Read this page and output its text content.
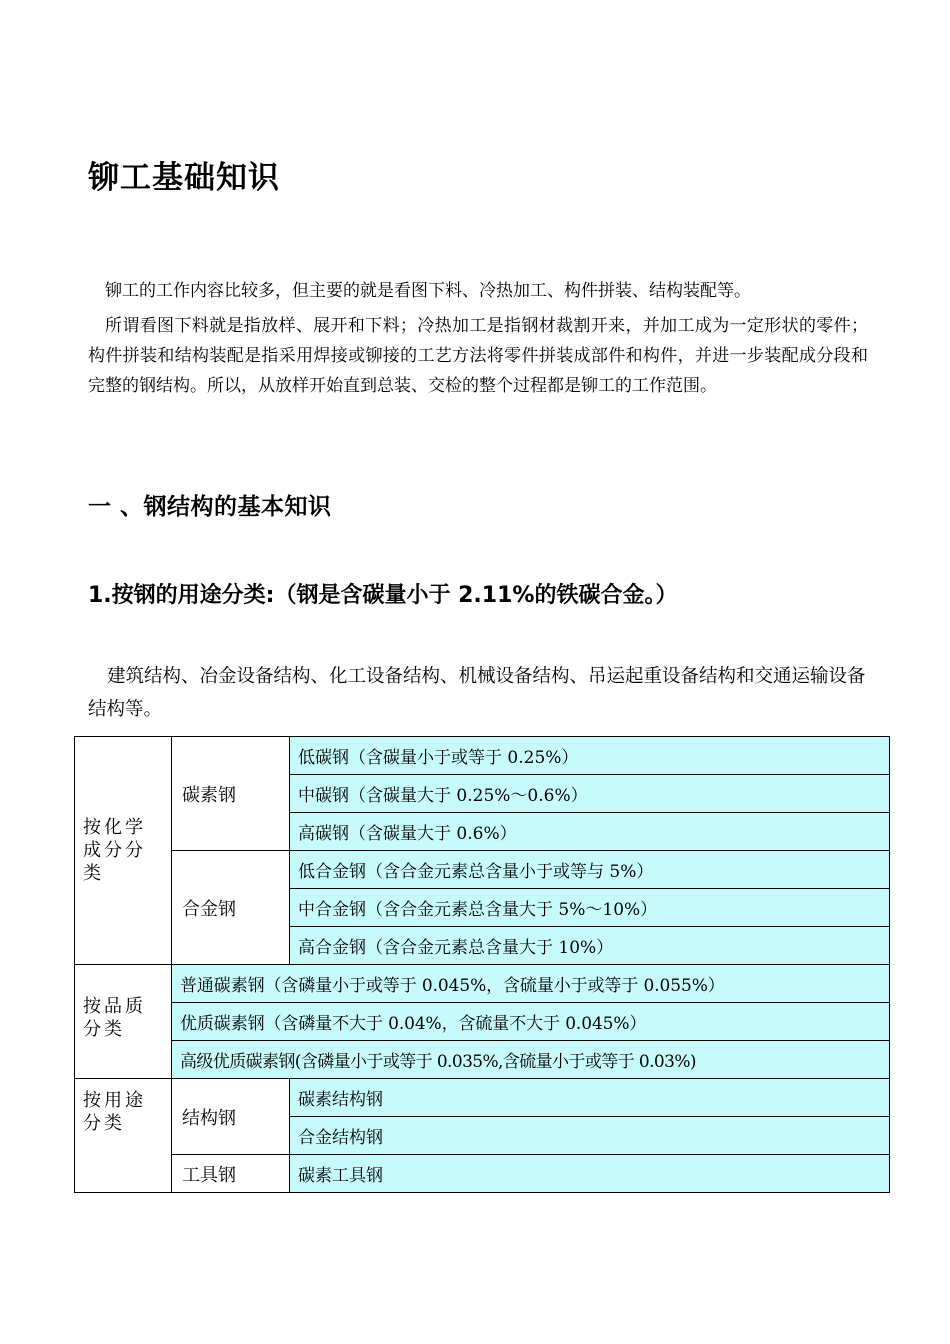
铆工基础知识

铆工的工作内容比较多，但主要的就是看图下料、冷热加工、构件拼装、结构装配等。

所谓看图下料就是指放样、展开和下料；冷热加工是指钢材裁割开来，并加工成为一定形状的零件；构件拼装和结构装配是指采用焊接或铆接的工艺方法将零件拼装成部件和构件，并进一步装配成分段和完整的钢结构。所以，从放样开始直到总装、交检的整个过程都是铆工的工作范围。

一 、钢结构的基本知识
1.按钢的用途分类:（钢是含碳量小于 2.11%的铁碳合金。）

建筑结构、冶金设备结构、化工设备结构、机械设备结构、吊运起重设备结构和交通运输设备结构等。

按化学成分分类	碳素钢	低碳钢（含碳量小于或等于 0.25%）
		中碳钢（含碳量大于 0.25%～0.6%）
		高碳钢（含碳量大于 0.6%）
	合金钢	低合金钢（含合金元素总含量小于或等与 5%）
		中合金钢（含合金元素总含量大于 5%～10%）
		高合金钢（含合金元素总含量大于 10%）

按品质分类	普通碳素钢（含磷量小于或等于 0.045%，含硫量小于或等于 0.055%）	
	优质碳素钢（含磷量不大于 0.04%，含硫量不大于 0.045%）	
	高级优质碳素钢(含磷量小于或等于 0.035%,含硫量小于或等于 0.03%)	

按用途分类	结构钢	碳素结构钢
		合金结构钢
	工具钢	碳素工具钢
